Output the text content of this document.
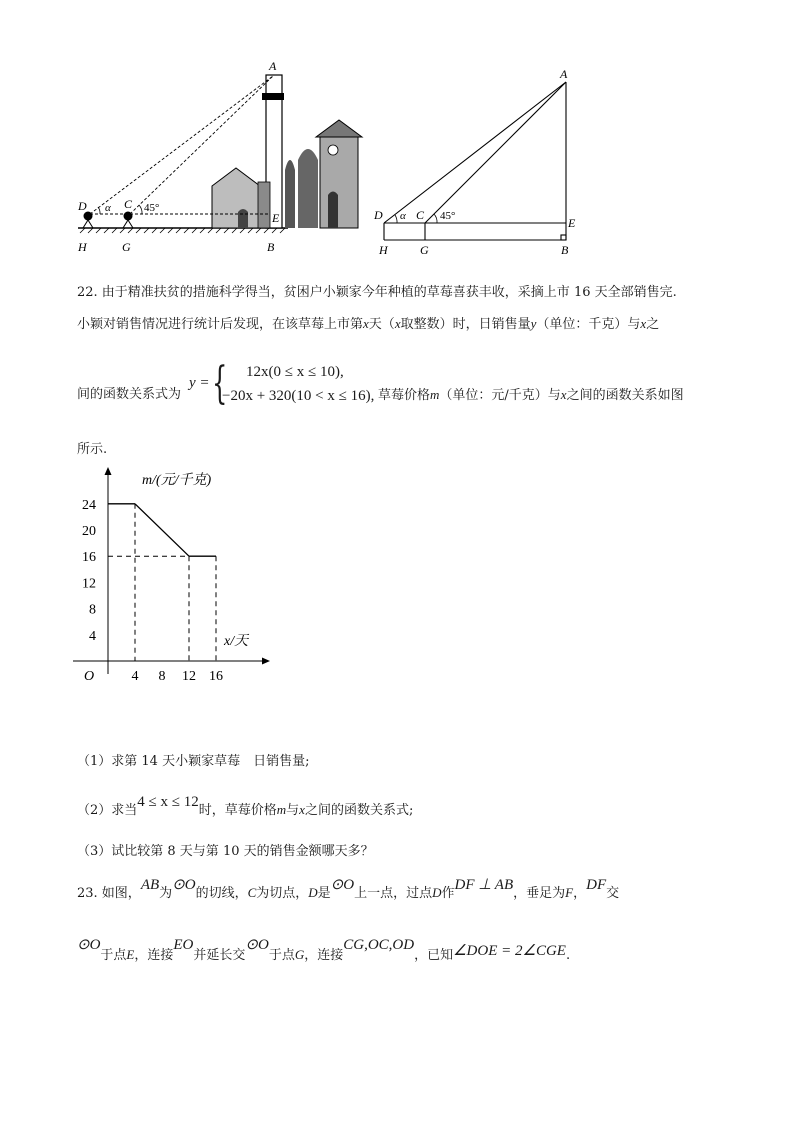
A
D α C 45°
E
H	G	B
A
D α C 45°	E
H	G	B
22. 由于精准扶贫的措施科学得当，贫困户小颖家今年种植的草莓喜获丰收，采摘上市 16 天全部销售完.
小颖对销售情况进行统计后发现，在该草莓上市第x天（x取整数）时，日销售量y（单位：千克）与x之
间的函数关系式为
y = { 12x(0 ≤ x ≤ 10),
−20x + 320(10 < x ≤ 16), 草莓价格m（单位：元/千克）与x之间的函数关系如图
所示.
m/(元/千克)
x/天
O	4 8 12 16
24
20
16
12
8
4
（1）求第 14 天小颖家草莓　日销售量;
（2）求当4 ≤ x ≤ 12时，草莓价格m与x之间的函数关系式;
（3）试比较第 8 天与第 10 天的销售金额哪天多？
23. 如图，AB为⊙O的切线，C为切点，D是⊙O上一点，过点D作DF ⊥ AB，垂足为F，DF交
⊙O于点E，连接EO并延长交⊙O于点G，连接CG,OC,OD，已知∠DOE = 2∠CGE.
